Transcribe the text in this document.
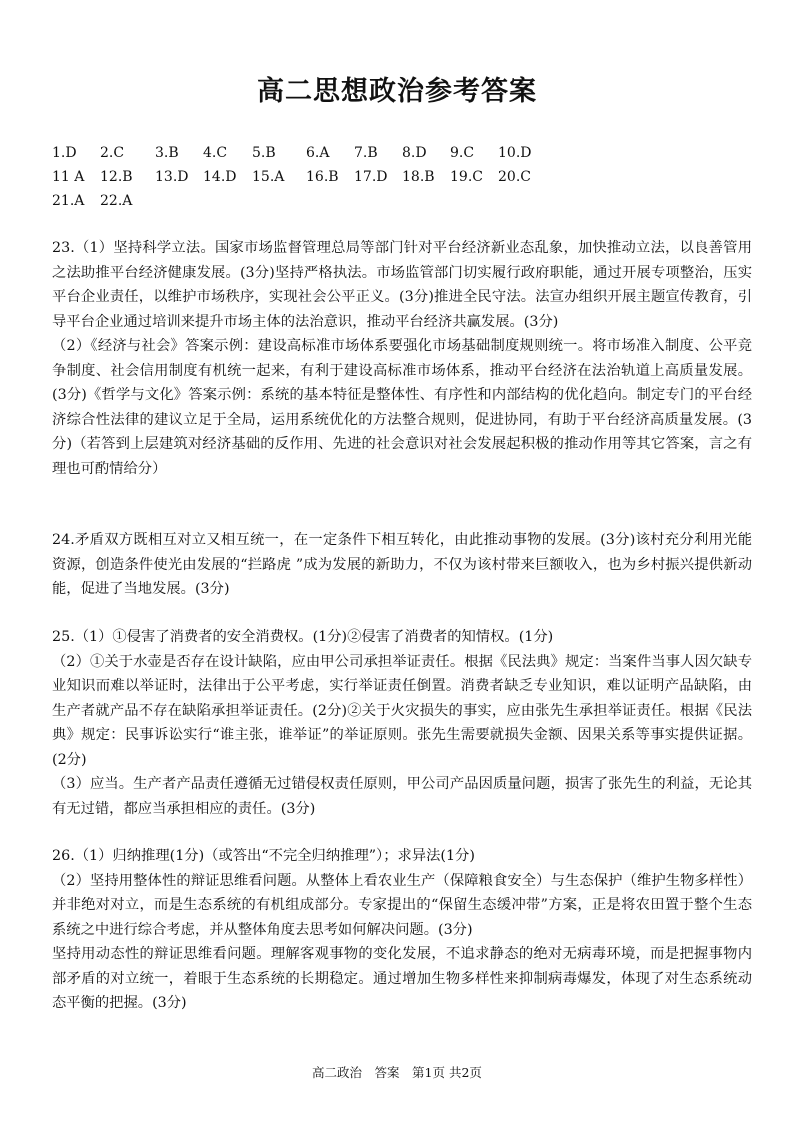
高二思想政治参考答案
1.D 2.C 3.B 4.C 5.B 6.A 7.B 8.D 9.C 10.D
11 A 12.B 13.D 14.D 15.A 16.B 17.D 18.B 19.C 20.C
21.A 22.A

23.（1）坚持科学立法。国家市场监督管理总局等部门针对平台经济新业态乱象，加快推动立法，以良善管用之法助推平台经济健康发展。(3分)坚持严格执法。市场监管部门切实履行政府职能，通过开展专项整治，压实平台企业责任，以维护市场秩序，实现社会公平正义。(3分)推进全民守法。法宣办组织开展主题宣传教育，引导平台企业通过培训来提升市场主体的法治意识，推动平台经济共赢发展。(3分)

（2）《经济与社会》答案示例：建设高标准市场体系要强化市场基础制度规则统一。将市场准入制度、公平竞争制度、社会信用制度有机统一起来，有利于建设高标准市场体系，推动平台经济在法治轨道上高质量发展。(3分)《哲学与文化》答案示例：系统的基本特征是整体性、有序性和内部结构的优化趋向。制定专门的平台经济综合性法律的建议立足于全局，运用系统优化的方法整合规则，促进协同，有助于平台经济高质量发展。(3分)（若答到上层建筑对经济基础的反作用、先进的社会意识对社会发展起积极的推动作用等其它答案，言之有理也可酌情给分）

24.矛盾双方既相互对立又相互统一，在一定条件下相互转化，由此推动事物的发展。(3分)该村充分利用光能资源，创造条件使光由发展的“拦路虎 ”成为发展的新助力，不仅为该村带来巨额收入，也为乡村振兴提供新动能，促进了当地发展。(3分)

25.（1）①侵害了消费者的安全消费权。(1分)②侵害了消费者的知情权。(1分)

（2）①关于水壶是否存在设计缺陷，应由甲公司承担举证责任。根据《民法典》规定：当案件当事人因欠缺专业知识而难以举证时，法律出于公平考虑，实行举证责任倒置。消费者缺乏专业知识，难以证明产品缺陷，由生产者就产品不存在缺陷承担举证责任。(2分)②关于火灾损失的事实，应由张先生承担举证责任。根据《民法典》规定：民事诉讼实行“谁主张，谁举证”的举证原则。张先生需要就损失金额、因果关系等事实提供证据。(2分)

（3）应当。生产者产品责任遵循无过错侵权责任原则，甲公司产品因质量问题，损害了张先生的利益，无论其有无过错，都应当承担相应的责任。(3分)

26.（1）归纳推理(1分)（或答出“不完全归纳推理”）；求异法(1分)

（2）坚持用整体性的辩证思维看问题。从整体上看农业生产（保障粮食安全）与生态保护（维护生物多样性）并非绝对对立，而是生态系统的有机组成部分。专家提出的“保留生态缓冲带”方案，正是将农田置于整个生态系统之中进行综合考虑，并从整体角度去思考如何解决问题。(3分)

坚持用动态性的辩证思维看问题。理解客观事物的变化发展，不追求静态的绝对无病毒环境，而是把握事物内部矛盾的对立统一，着眼于生态系统的长期稳定。通过增加生物多样性来抑制病毒爆发，体现了对生态系统动态平衡的把握。(3分)

高二政治　答案　第1页 共2页
